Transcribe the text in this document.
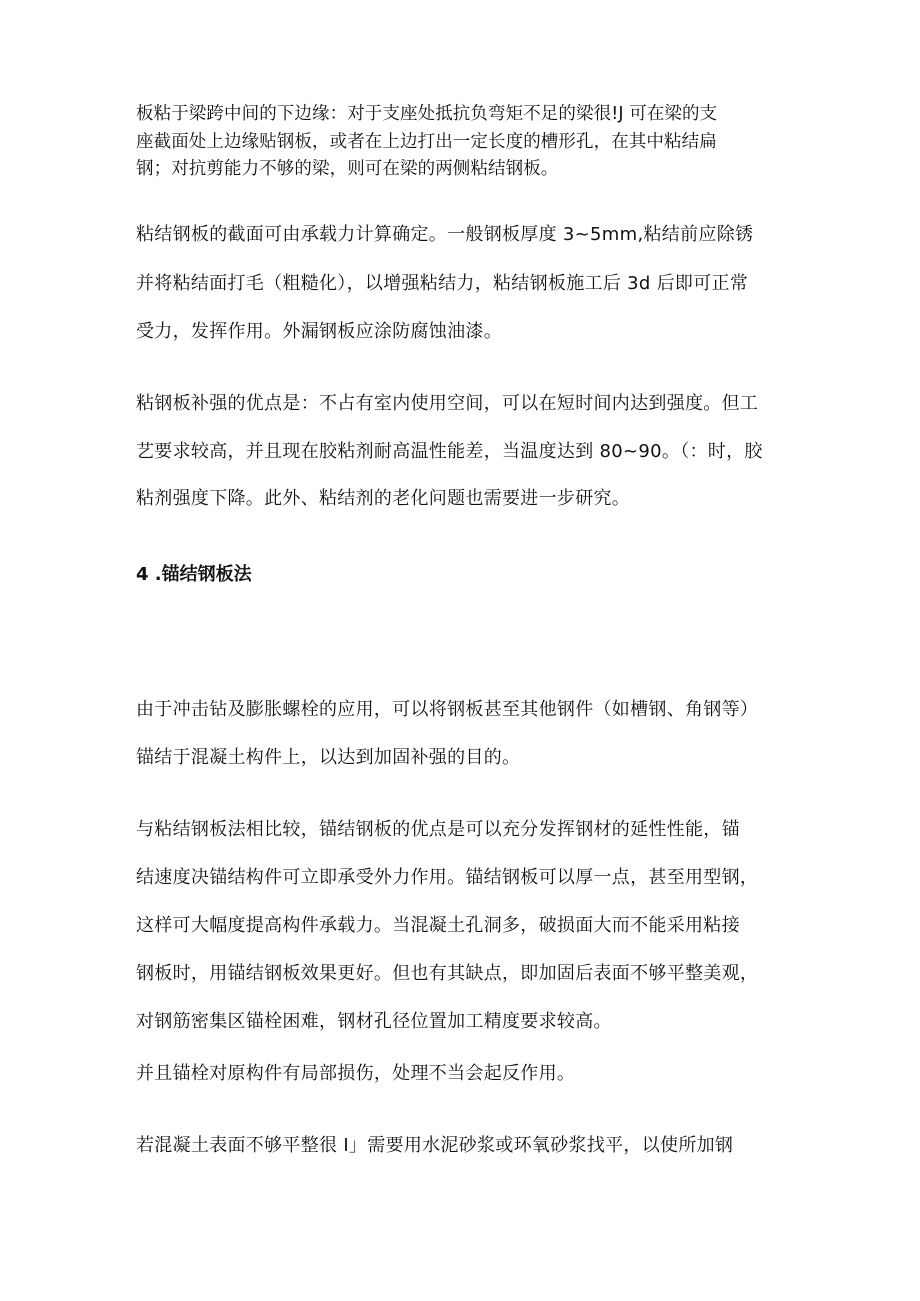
板粘于梁跨中间的下边缘：对于支座处抵抗负弯矩不足的梁很!J 可在梁的支
座截面处上边缘贴钢板，或者在上边打出一定长度的槽形孔，在其中粘结扁
钢；对抗剪能力不够的梁，则可在梁的两侧粘结钢板。
粘结钢板的截面可由承载力计算确定。一般钢板厚度 3~5mm,粘结前应除锈
并将粘结面打毛（粗糙化），以增强粘结力，粘结钢板施工后 3d 后即可正常
受力，发挥作用。外漏钢板应涂防腐蚀油漆。
粘钢板补强的优点是：不占有室内使用空间，可以在短时间内达到强度。但工
艺要求较高，并且现在胶粘剂耐高温性能差，当温度达到 80~90。（：时，胶
粘剂强度下降。此外、粘结剂的老化问题也需要进一步研究。
4 .锚结钢板法
由于冲击钻及膨胀螺栓的应用，可以将钢板甚至其他钢件（如槽钢、角钢等）
锚结于混凝土构件上，以达到加固补强的目的。
与粘结钢板法相比较，锚结钢板的优点是可以充分发挥钢材的延性性能，锚
结速度决锚结构件可立即承受外力作用。锚结钢板可以厚一点，甚至用型钢，
这样可大幅度提高构件承载力。当混凝土孔洞多，破损面大而不能采用粘接
钢板时，用锚结钢板效果更好。但也有其缺点，即加固后表面不够平整美观，
对钢筋密集区锚栓困难，钢材孔径位置加工精度要求较高。
并且锚栓对原构件有局部损伤，处理不当会起反作用。
若混凝土表面不够平整很 I」需要用水泥砂浆或环氧砂浆找平，以使所加钢
